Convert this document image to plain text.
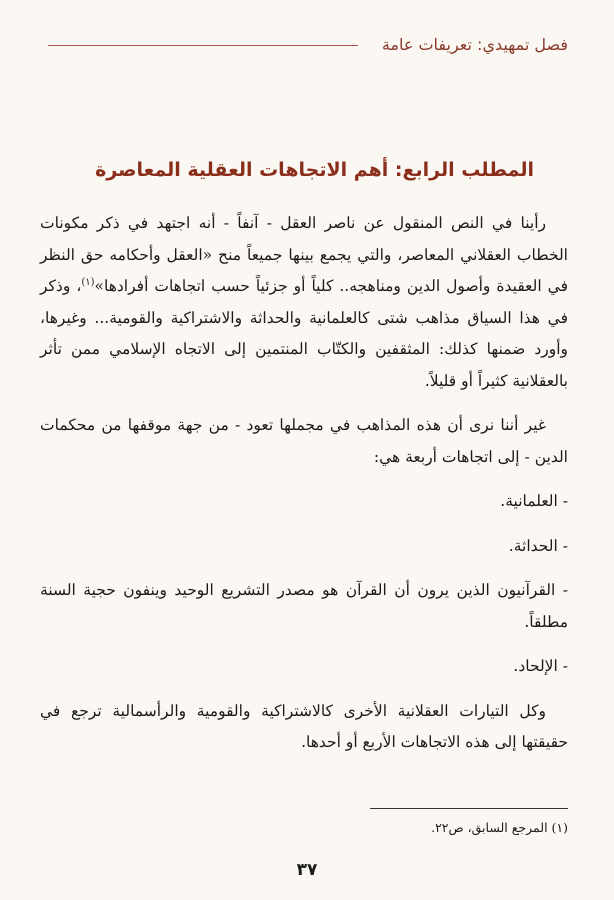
فصل تمهيدي: تعريفات عامة
المطلب الرابع: أهم الاتجاهات العقلية المعاصرة

رأينا في النص المنقول عن ناصر العقل - آنفاً - أنه اجتهد في ذكر مكونات الخطاب العقلاني المعاصر، والتي يجمع بينها جميعاً منح «العقل وأحكامه حق النظر في العقيدة وأصول الدين ومناهجه.. كلياً أو جزئياً حسب اتجاهات أفرادها»$^{(١)}$، وذكر في هذا السياق مذاهب شتى كالعلمانية والحداثة والاشتراكية والقومية... وغيرها، وأورد ضمنها كذلك: المثقفين والكتّاب المنتمين إلى الاتجاه الإسلامي ممن تأثر بالعقلانية كثيراً أو قليلاً.

غير أننا نرى أن هذه المذاهب في مجملها تعود - من جهة موقفها من محكمات الدين - إلى اتجاهات أربعة هي:

- العلمانية.

- الحداثة.

- القرآنيون الذين يرون أن القرآن هو مصدر التشريع الوحيد وينفون حجية السنة مطلقاً.

- الإلحاد.

وكل التيارات العقلانية الأخرى كالاشتراكية والقومية والرأسمالية ترجع في حقيقتها إلى هذه الاتجاهات الأربع أو أحدها.

(١) المرجع السابق، ص٢٢.
٣٧
